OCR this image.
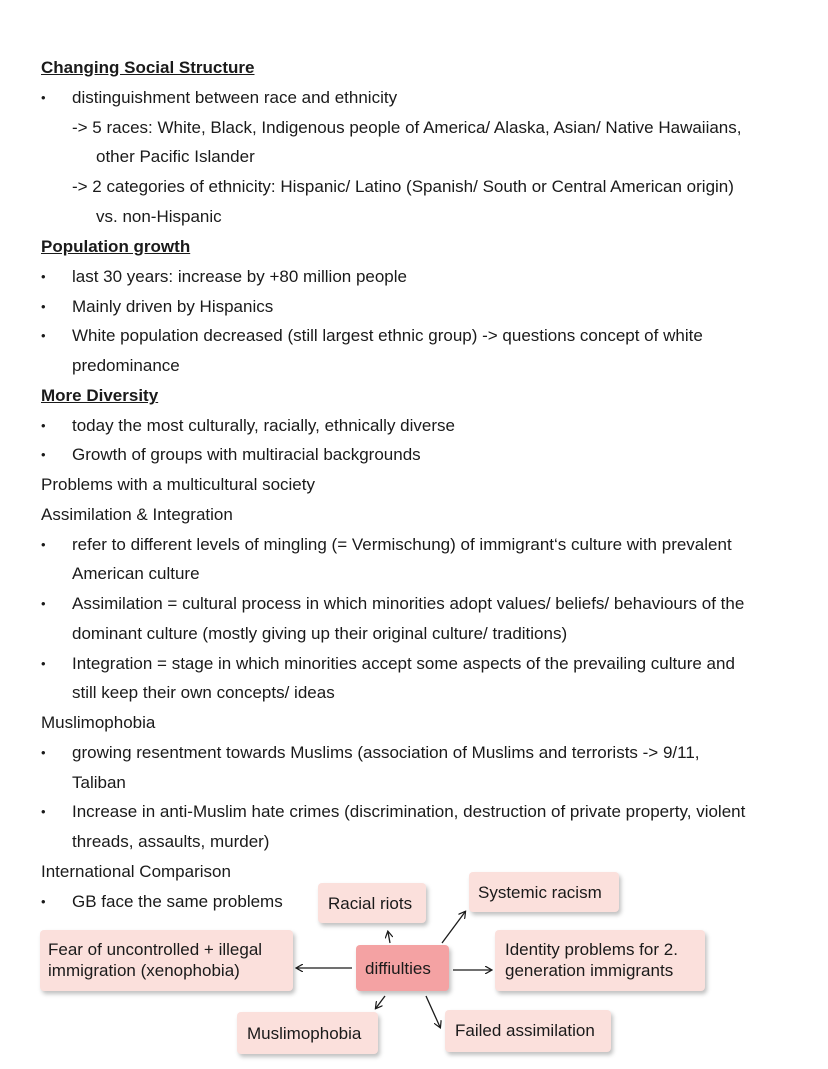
Changing Social Structure
• distinguishment between race and ethnicity
-> 5 races: White, Black, Indigenous people of America/ Alaska, Asian/ Native Hawaiians,
other Pacific Islander
-> 2 categories of ethnicity: Hispanic/ Latino (Spanish/ South or Central American origin)
vs. non-Hispanic
Population growth
• last 30 years: increase by +80 million people
• Mainly driven by Hispanics
• White population decreased (still largest ethnic group) -> questions concept of white
predominance
More Diversity
• today the most culturally, racially, ethnically diverse
• Growth of groups with multiracial backgrounds
Problems with a multicultural society
Assimilation & Integration
• refer to different levels of mingling (= Vermischung) of immigrant‘s culture with prevalent
American culture
• Assimilation = cultural process in which minorities adopt values/ beliefs/ behaviours of the
dominant culture (mostly giving up their original culture/ traditions)
• Integration = stage in which minorities accept some aspects of the prevailing culture and
still keep their own concepts/ ideas
Muslimophobia
• growing resentment towards Muslims (association of Muslims and terrorists -> 9/11,
Taliban
• Increase in anti-Muslim hate crimes (discrimination, destruction of private property, violent
threads, assaults, murder)
International Comparison
• GB face the same problems	Racial riots
Systemic racism
Fear of uncontrolled + illegal
immigration (xenophobia)	diffiulties
Identity problems for 2.
generation immigrants
Muslimophobia	Failed assimilation
